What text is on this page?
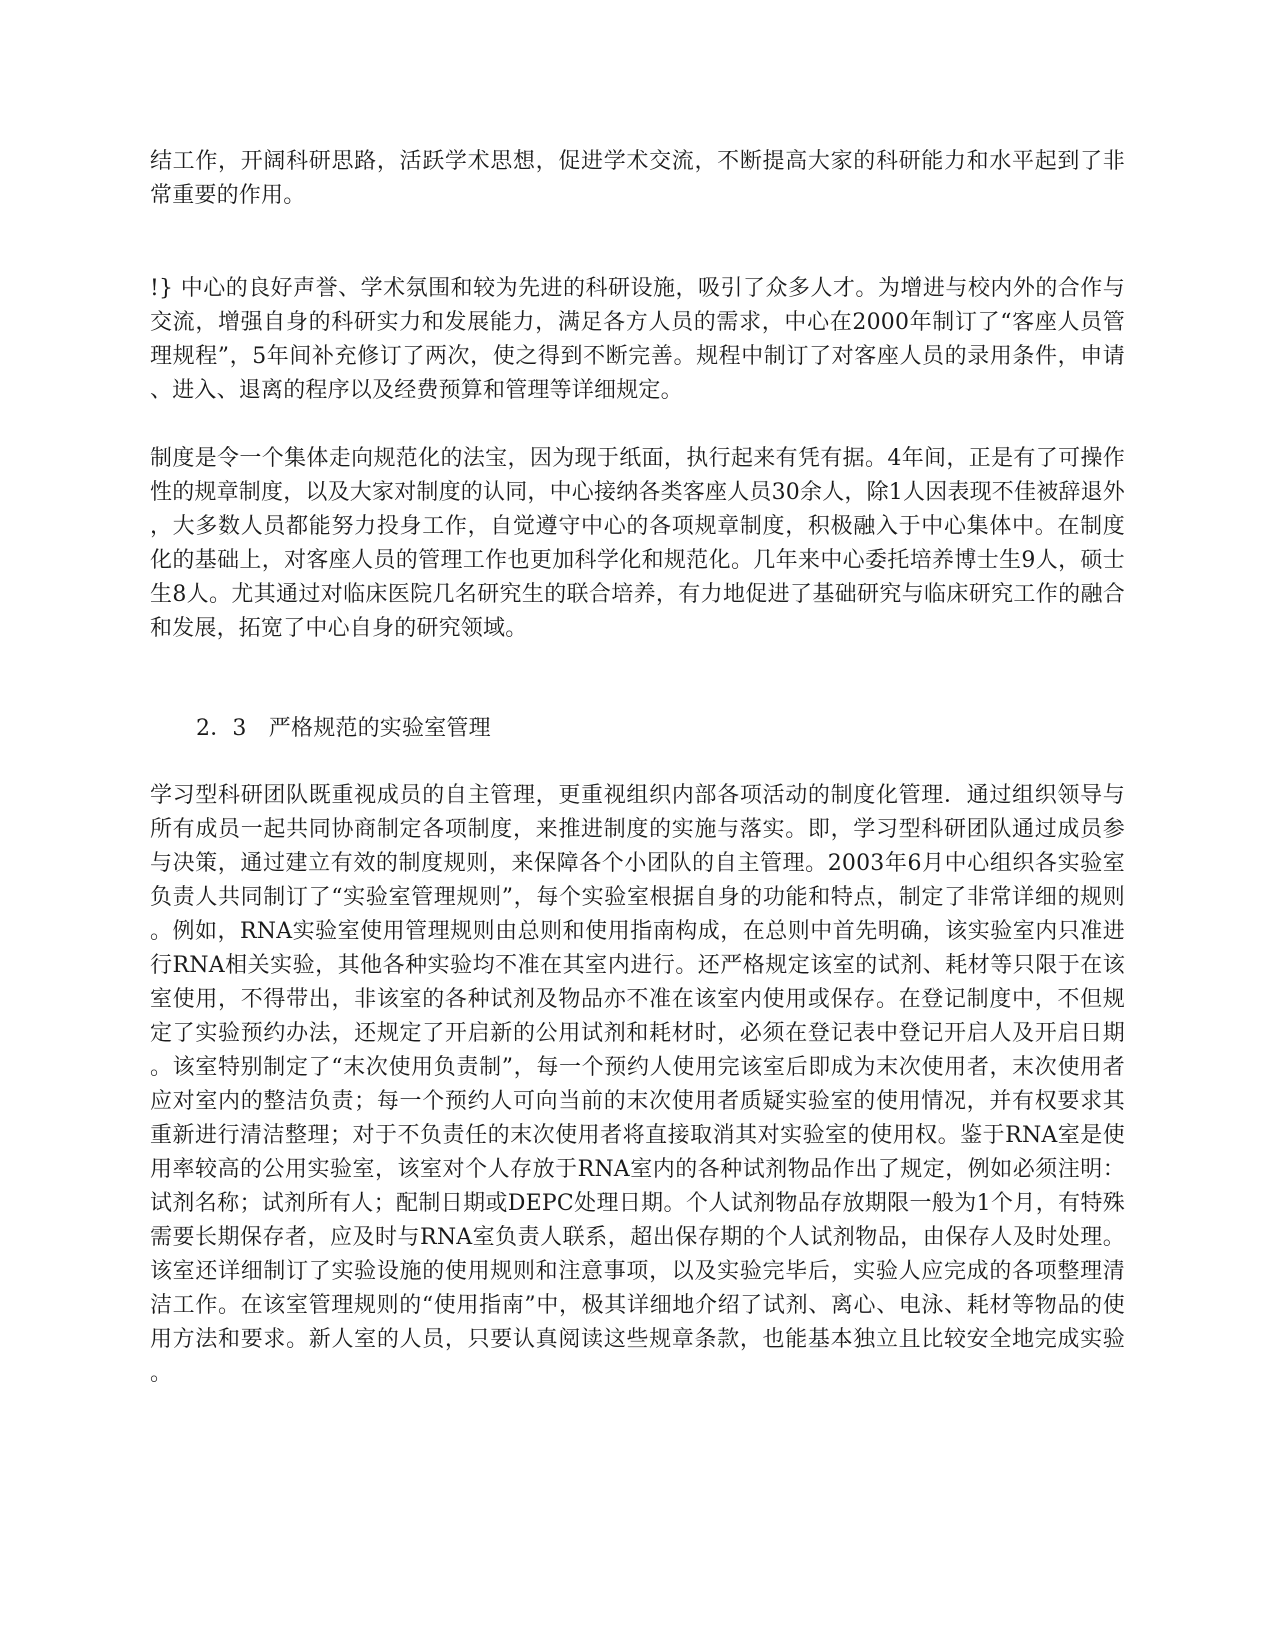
结工作，开阔科研思路，活跃学术思想，促进学术交流，不断提高大家的科研能力和水平起到了非常重要的作用。

!} 中心的良好声誉、学术氛围和较为先进的科研设施，吸引了众多人才。为增进与校内外的合作与交流，增强自身的科研实力和发展能力，满足各方人员的需求，中心在2000年制订了“客座人员管理规程”，5年间补充修订了两次，使之得到不断完善。规程中制订了对客座人员的录用条件，申请、进入、退离的程序以及经费预算和管理等详细规定。

制度是令一个集体走向规范化的法宝，因为现于纸面，执行起来有凭有据。4年间，正是有了可操作性的规章制度，以及大家对制度的认同，中心接纳各类客座人员30余人，除1人因表现不佳被辞退外，大多数人员都能努力投身工作，自觉遵守中心的各项规章制度，积极融入于中心集体中。在制度化的基础上，对客座人员的管理工作也更加科学化和规范化。几年来中心委托培养博士生9人，硕士生8人。尤其通过对临床医院几名研究生的联合培养，有力地促进了基础研究与临床研究工作的融合和发展，拓宽了中心自身的研究领域。

2．3　严格规范的实验室管理

学习型科研团队既重视成员的自主管理，更重视组织内部各项活动的制度化管理．通过组织领导与所有成员一起共同协商制定各项制度，来推进制度的实施与落实。即，学习型科研团队通过成员参与决策，通过建立有效的制度规则，来保障各个小团队的自主管理。2003年6月中心组织各实验室负责人共同制订了“实验室管理规则”，每个实验室根据自身的功能和特点，制定了非常详细的规则。例如，RNA实验室使用管理规则由总则和使用指南构成，在总则中首先明确，该实验室内只准进行RNA相关实验，其他各种实验均不准在其室内进行。还严格规定该室的试剂、耗材等只限于在该室使用，不得带出，非该室的各种试剂及物品亦不准在该室内使用或保存。在登记制度中，不但规定了实验预约办法，还规定了开启新的公用试剂和耗材时，必须在登记表中登记开启人及开启日期。该室特别制定了“末次使用负责制”，每一个预约人使用完该室后即成为末次使用者，末次使用者应对室内的整洁负责；每一个预约人可向当前的末次使用者质疑实验室的使用情况，并有权要求其重新进行清洁整理；对于不负责任的末次使用者将直接取消其对实验室的使用权。鉴于RNA室是使用率较高的公用实验室，该室对个人存放于RNA室内的各种试剂物品作出了规定，例如必须注明：试剂名称；试剂所有人；配制日期或DEPC处理日期。个人试剂物品存放期限一般为1个月，有特殊需要长期保存者，应及时与RNA室负责人联系，超出保存期的个人试剂物品，由保存人及时处理。该室还详细制订了实验设施的使用规则和注意事项，以及实验完毕后，实验人应完成的各项整理清洁工作。在该室管理规则的“使用指南”中，极其详细地介绍了试剂、离心、电泳、耗材等物品的使用方法和要求。新人室的人员，只要认真阅读这些规章条款，也能基本独立且比较安全地完成实验。
